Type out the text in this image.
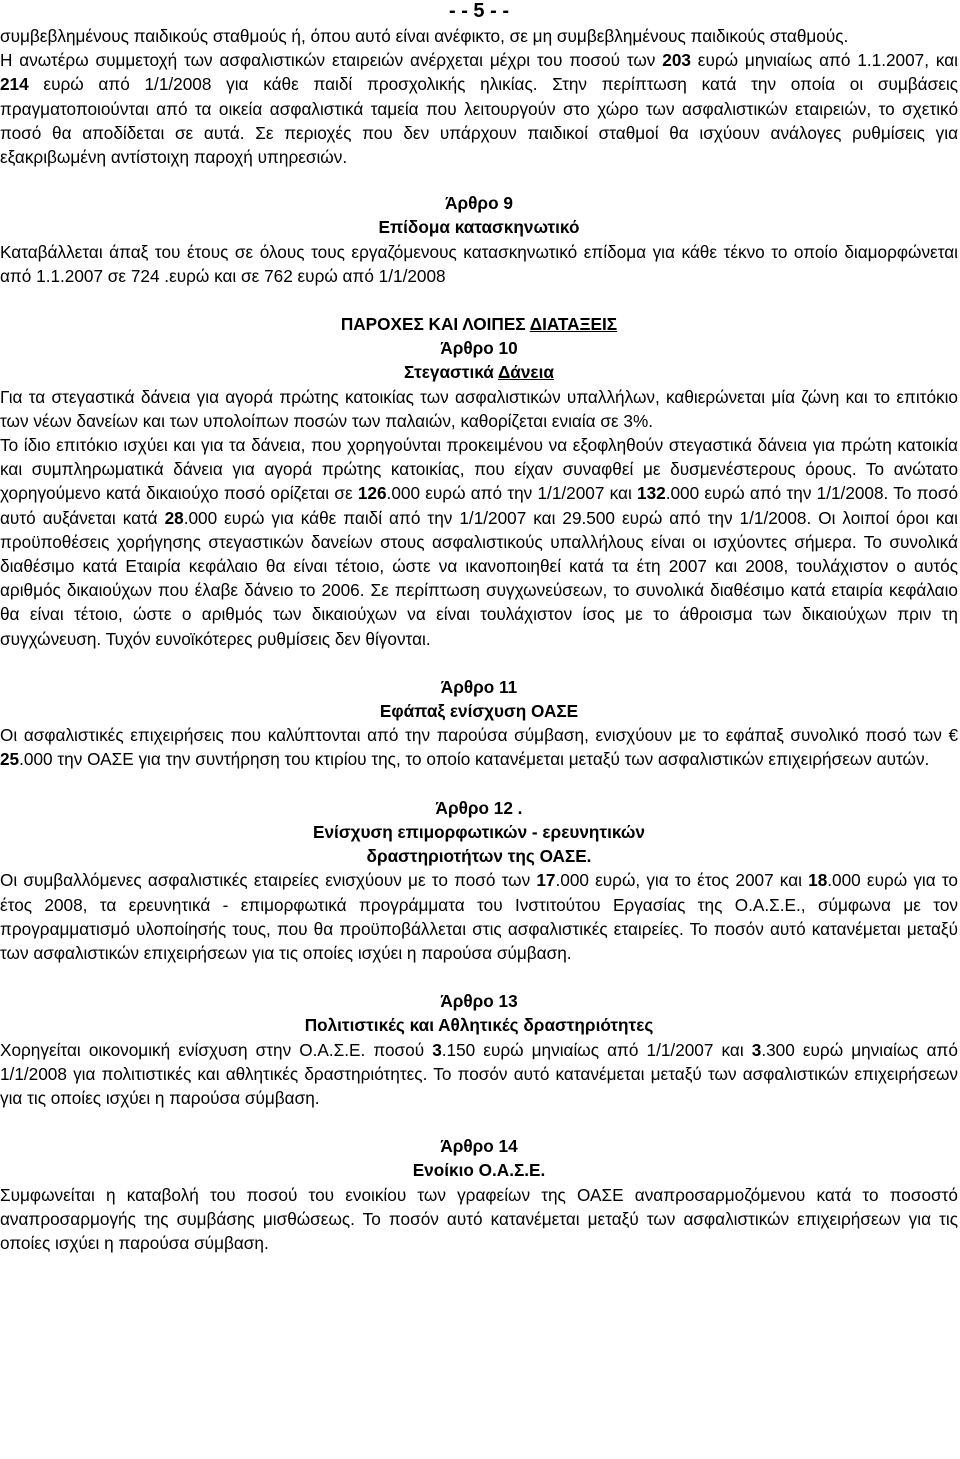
- - 5 - -

συμβεβλημένους παιδικούς σταθμούς ή, όπου αυτό είναι ανέφικτο, σε μη συμβεβλημένους παιδικούς σταθμούς.

Η ανωτέρω συμμετοχή των ασφαλιστικών εταιρειών ανέρχεται μέχρι του ποσού των 203 ευρώ μηνιαίως από 1.1.2007, και 214 ευρώ από 1/1/2008 για κάθε παιδί προσχολικής ηλικίας. Στην περίπτωση κατά την οποία οι συμβάσεις πραγματοποιούνται από τα οικεία ασφαλιστικά ταμεία που λειτουργούν στο χώρο των ασφαλιστικών εταιρειών, το σχετικό ποσό θα αποδίδεται σε αυτά. Σε περιοχές που δεν υπάρχουν παιδικοί σταθμοί θα ισχύουν ανάλογες ρυθμίσεις για εξακριβωμένη αντίστοιχη παροχή υπηρεσιών.

Άρθρο 9
Επίδομα κατασκηνωτικό

Καταβάλλεται άπαξ του έτους σε όλους τους εργαζόμενους κατασκηνωτικό επίδομα για κάθε τέκνο το οποίο διαμορφώνεται από 1.1.2007 σε 724 .ευρώ και σε 762 ευρώ από 1/1/2008

ΠΑΡΟΧΕΣ ΚΑΙ ΛΟΙΠΕΣ ΔΙΑΤΑΞΕΙΣ
Άρθρο 10
Στεγαστικά Δάνεια

Για τα στεγαστικά δάνεια για αγορά πρώτης κατοικίας των ασφαλιστικών υπαλλήλων, καθιερώνεται μία ζώνη και το επιτόκιο των νέων δανείων και των υπολοίπων ποσών των παλαιών, καθορίζεται ενιαία σε 3%.

Το ίδιο επιτόκιο ισχύει και για τα δάνεια, που χορηγούνται προκειμένου να εξοφληθούν στεγαστικά δάνεια για πρώτη κατοικία και συμπληρωματικά δάνεια για αγορά πρώτης κατοικίας, που είχαν συναφθεί με δυσμενέστερους όρους. Το ανώτατο χορηγούμενο κατά δικαιούχο ποσό ορίζεται σε 126.000 ευρώ από την 1/1/2007 και 132.000 ευρώ από την 1/1/2008. Το ποσό αυτό αυξάνεται κατά 28.000 ευρώ για κάθε παιδί από την 1/1/2007 και 29.500 ευρώ από την 1/1/2008. Οι λοιποί όροι και προϋποθέσεις χορήγησης στεγαστικών δανείων στους ασφαλιστικούς υπαλλήλους είναι οι ισχύοντες σήμερα. Το συνολικά διαθέσιμο κατά Εταιρία κεφάλαιο θα είναι τέτοιο, ώστε να ικανοποιηθεί κατά τα έτη 2007 και 2008, τουλάχιστον ο αυτός αριθμός δικαιούχων που έλαβε δάνειο το 2006. Σε περίπτωση συγχωνεύσεων, το συνολικά διαθέσιμο κατά εταιρία κεφάλαιο θα είναι τέτοιο, ώστε ο αριθμός των δικαιούχων να είναι τουλάχιστον ίσος με το άθροισμα των δικαιούχων πριν τη συγχώνευση. Τυχόν ευνοϊκότερες ρυθμίσεις δεν θίγονται.

Άρθρο 11
Εφάπαξ ενίσχυση ΟΑΣΕ

Οι ασφαλιστικές επιχειρήσεις που καλύπτονται από την παρούσα σύμβαση, ενισχύουν με το εφάπαξ συνολικό ποσό των € 25.000 την ΟΑΣΕ για την συντήρηση του κτιρίου της, το οποίο κατανέμεται μεταξύ των ασφαλιστικών επιχειρήσεων αυτών.

Άρθρο 12 .
Ενίσχυση επιμορφωτικών - ερευνητικών
δραστηριοτήτων της ΟΑΣΕ.

Οι συμβαλλόμενες ασφαλιστικές εταιρείες ενισχύουν με το ποσό των 17.000 ευρώ, για το έτος 2007 και 18.000 ευρώ για το έτος 2008, τα ερευνητικά - επιμορφωτικά προγράμματα του Ινστιτούτου Εργασίας της Ο.Α.Σ.Ε., σύμφωνα με τον προγραμματισμό υλοποίησής τους, που θα προϋποβάλλεται στις ασφαλιστικές εταιρείες. Το ποσόν αυτό κατανέμεται μεταξύ των ασφαλιστικών επιχειρήσεων για τις οποίες ισχύει η παρούσα σύμβαση.

Άρθρο 13
Πολιτιστικές και Αθλητικές δραστηριότητες

Χορηγείται οικονομική ενίσχυση στην Ο.Α.Σ.Ε. ποσού 3.150 ευρώ μηνιαίως από 1/1/2007 και 3.300 ευρώ μηνιαίως από 1/1/2008 για πολιτιστικές και αθλητικές δραστηριότητες. Το ποσόν αυτό κατανέμεται μεταξύ των ασφαλιστικών επιχειρήσεων για τις οποίες ισχύει η παρούσα σύμβαση.

Άρθρο 14
Ενοίκιο Ο.Α.Σ.Ε.

Συμφωνείται η καταβολή του ποσού του ενοικίου των γραφείων της ΟΑΣΕ αναπροσαρμοζόμενου κατά το ποσοστό αναπροσαρμογής της συμβάσης μισθώσεως. Το ποσόν αυτό κατανέμεται μεταξύ των ασφαλιστικών επιχειρήσεων για τις οποίες ισχύει η παρούσα σύμβαση.
